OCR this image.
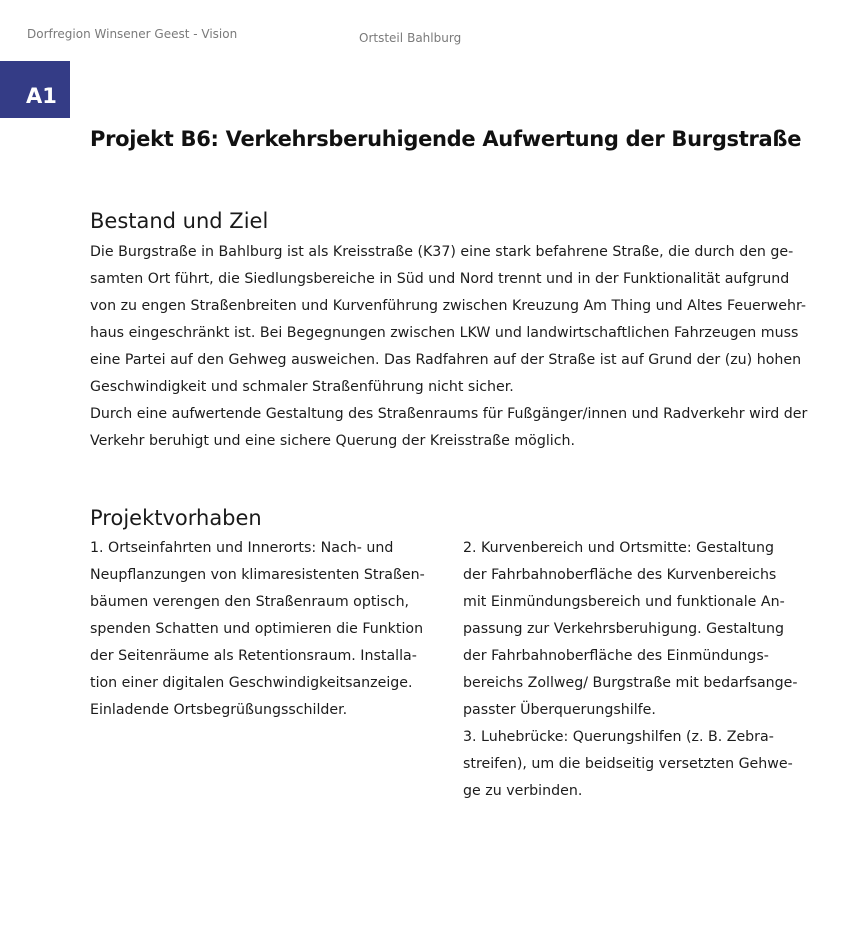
Dorfregion Winsener Geest - Vision	Ortsteil Bahlburg
A1
Projekt B6: Verkehrsberuhigende Aufwertung der Burgstraße
Bestand und Ziel
Die Burgstraße in Bahlburg ist als Kreisstraße (K37) eine stark befahrene Straße, die durch den ge-
samten Ort führt, die Siedlungsbereiche in Süd und Nord trennt und in der Funktionalität aufgrund
von zu engen Straßenbreiten und Kurvenführung zwischen Kreuzung Am Thing und Altes Feuerwehr-
haus eingeschränkt ist. Bei Begegnungen zwischen LKW und landwirtschaftlichen Fahrzeugen muss
eine Partei auf den Gehweg ausweichen. Das Radfahren auf der Straße ist auf Grund der (zu) hohen
Geschwindigkeit und schmaler Straßenführung nicht sicher.
Durch eine aufwertende Gestaltung des Straßenraums für Fußgänger/innen und Radverkehr wird der
Verkehr beruhigt und eine sichere Querung der Kreisstraße möglich.
Projektvorhaben
1. Ortseinfahrten und Innerorts: Nach- und
Neupflanzungen von klimaresistenten Straßen-
bäumen verengen den Straßenraum optisch,
spenden Schatten und optimieren die Funktion
der Seitenräume als Retentionsraum. Installa-
tion einer digitalen Geschwindigkeitsanzeige.
Einladende Ortsbegrüßungsschilder.
2. Kurvenbereich und Ortsmitte: Gestaltung
der Fahrbahnoberfläche des Kurvenbereichs
mit Einmündungsbereich und funktionale An-
passung zur Verkehrsberuhigung. Gestaltung
der Fahrbahnoberfläche des Einmündungs-
bereichs Zollweg/ Burgstraße mit bedarfsange-
passter Überquerungshilfe.
3. Luhebrücke: Querungshilfen (z. B. Zebra-
streifen), um die beidseitig versetzten Gehwe-
ge zu verbinden.
